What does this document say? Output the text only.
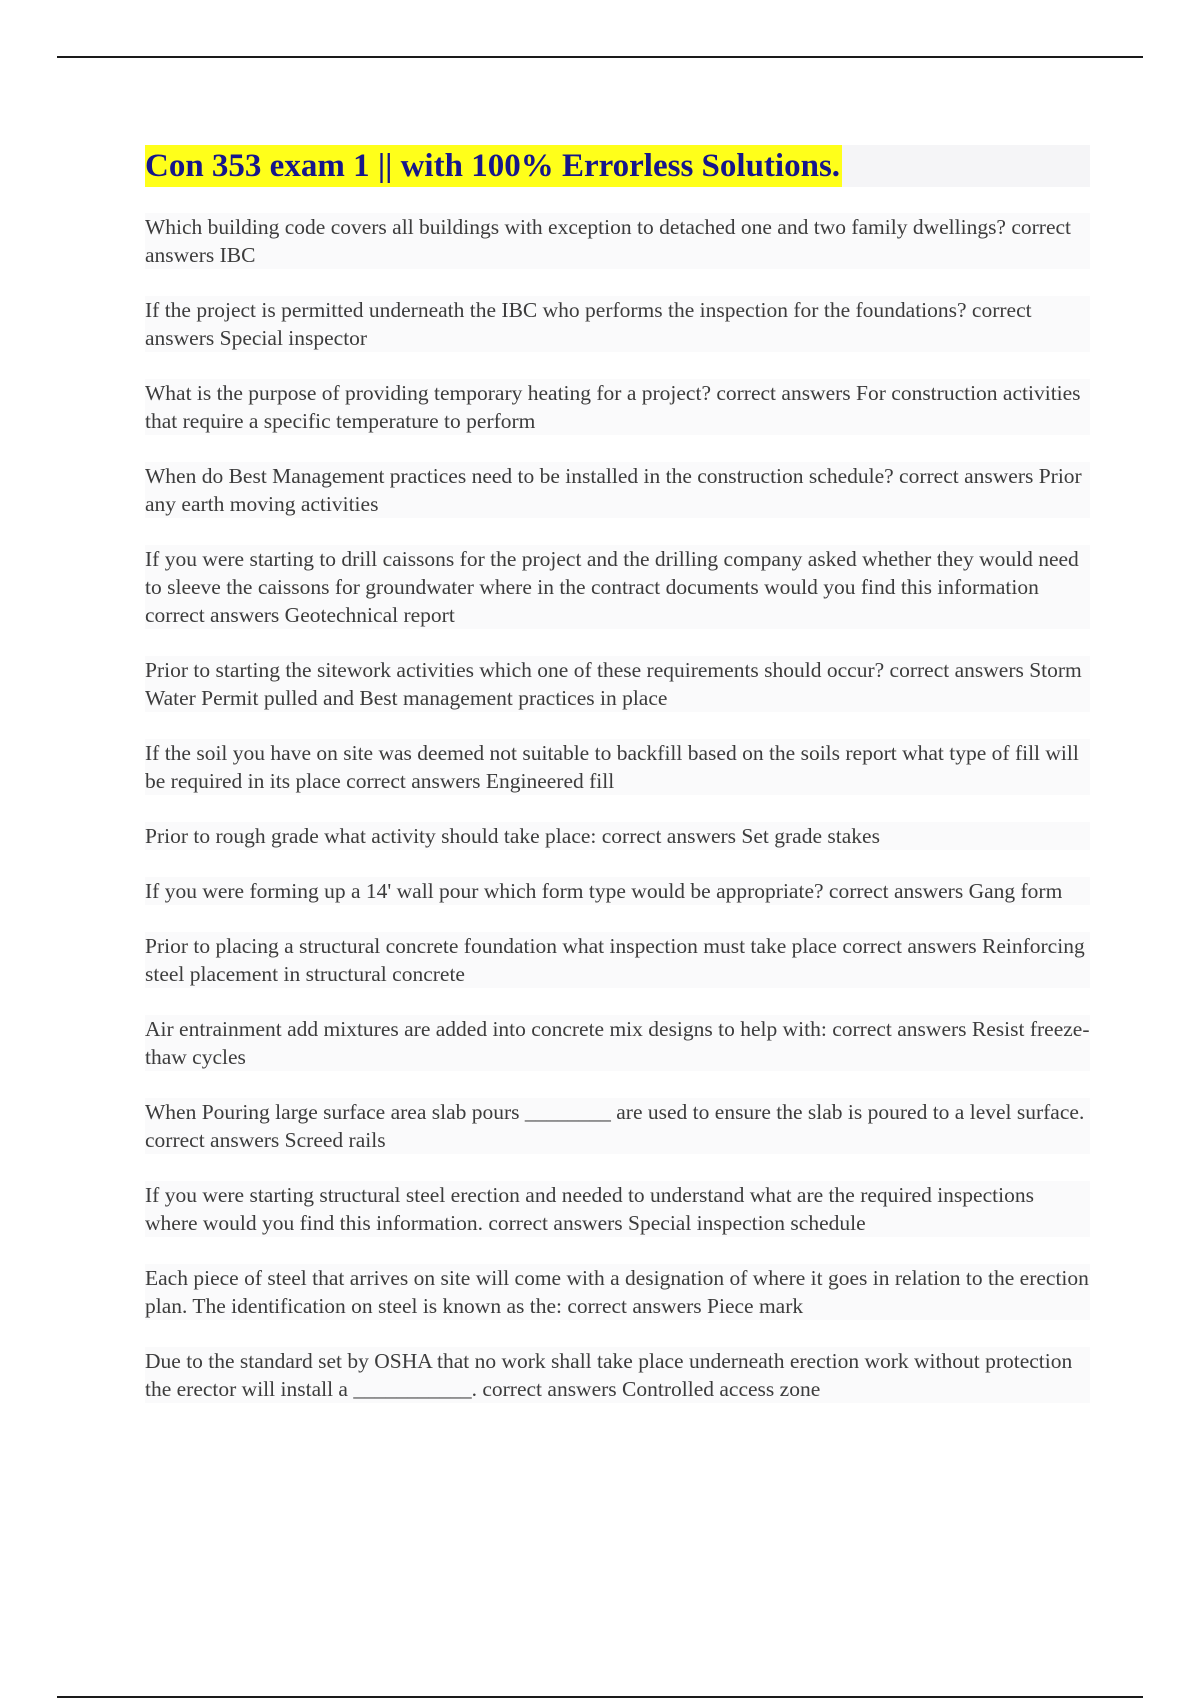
Con 353 exam 1 || with 100% Errorless Solutions.

Which building code covers all buildings with exception to detached one and two family dwellings? correct answers IBC

If the project is permitted underneath the IBC who performs the inspection for the foundations? correct answers Special inspector

What is the purpose of providing temporary heating for a project? correct answers For construction activities that require a specific temperature to perform

When do Best Management practices need to be installed in the construction schedule? correct answers Prior any earth moving activities

If you were starting to drill caissons for the project and the drilling company asked whether they would need to sleeve the caissons for groundwater where in the contract documents would you find this information correct answers Geotechnical report

Prior to starting the sitework activities which one of these requirements should occur? correct answers Storm Water Permit pulled and Best management practices in place

If the soil you have on site was deemed not suitable to backfill based on the soils report what type of fill will be required in its place correct answers Engineered fill

Prior to rough grade what activity should take place: correct answers Set grade stakes

If you were forming up a 14' wall pour which form type would be appropriate? correct answers Gang form

Prior to placing a structural concrete foundation what inspection must take place correct answers Reinforcing steel placement in structural concrete

Air entrainment add mixtures are added into concrete mix designs to help with: correct answers Resist freeze-thaw cycles

When Pouring large surface area slab pours ________ are used to ensure the slab is poured to a level surface. correct answers Screed rails

If you were starting structural steel erection and needed to understand what are the required inspections where would you find this information. correct answers Special inspection schedule

Each piece of steel that arrives on site will come with a designation of where it goes in relation to the erection plan. The identification on steel is known as the: correct answers Piece mark

Due to the standard set by OSHA that no work shall take place underneath erection work without protection the erector will install a ___________. correct answers Controlled access zone
